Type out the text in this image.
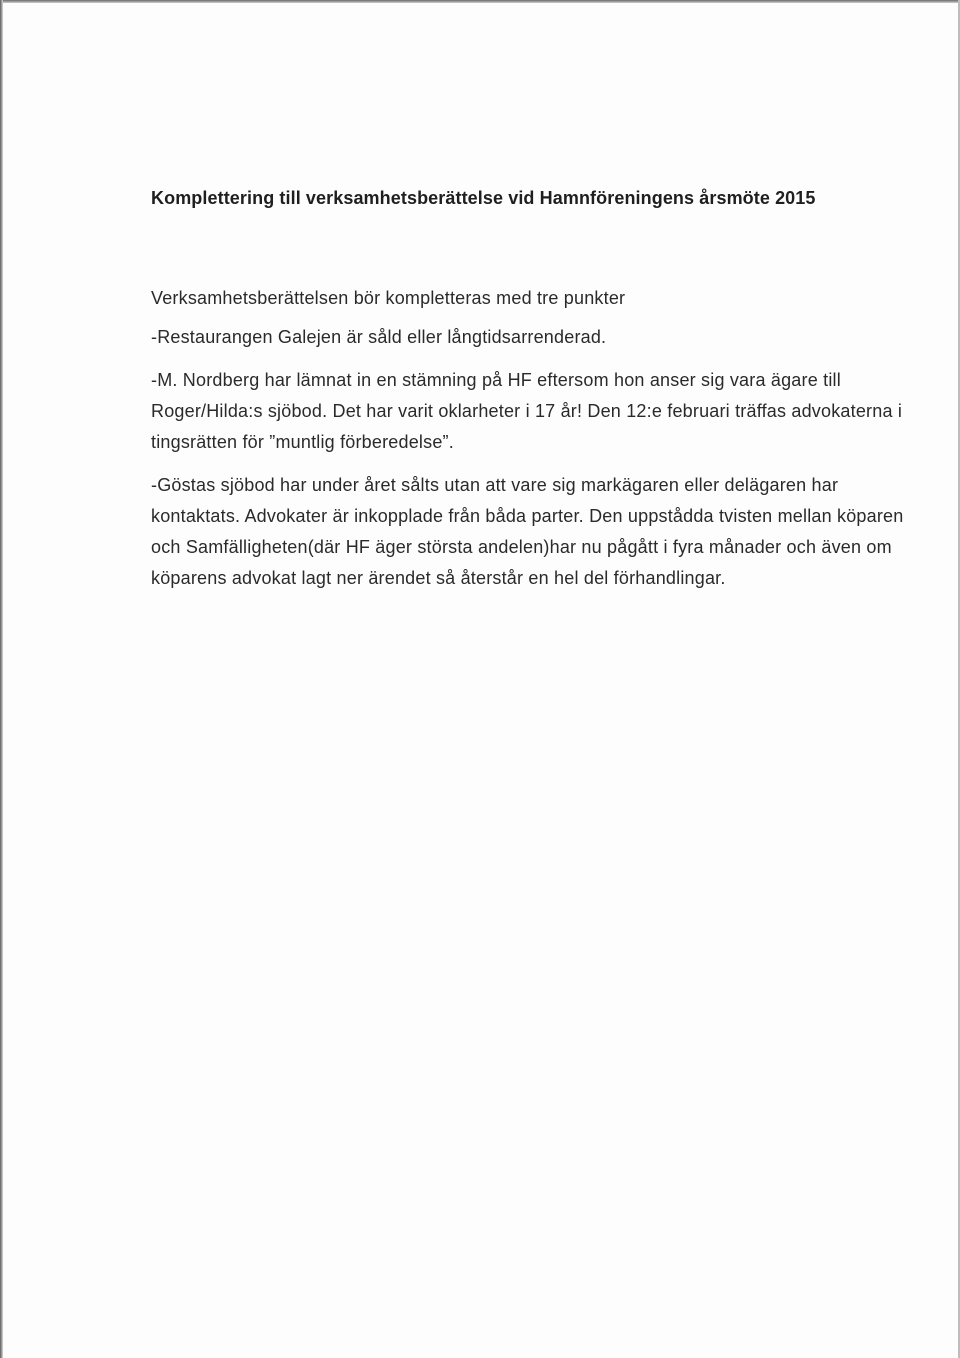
Komplettering till verksamhetsberättelse vid Hamnföreningens årsmöte 2015

Verksamhetsberättelsen bör kompletteras med tre punkter

-Restaurangen Galejen är såld eller långtidsarrenderad.

-M. Nordberg har lämnat in en stämning på HF eftersom hon anser sig vara ägare till Roger/Hilda:s sjöbod. Det har varit oklarheter i 17 år! Den 12:e februari träffas advokaterna i tingsrätten för ”muntlig förberedelse”.

-Göstas sjöbod har under året sålts utan att vare sig markägaren eller delägaren har kontaktats. Advokater är inkopplade från båda parter. Den uppstådda tvisten mellan köparen och Samfälligheten(där HF äger största andelen)har nu pågått i fyra månader och även om köparens advokat lagt ner ärendet så återstår en hel del förhandlingar.
